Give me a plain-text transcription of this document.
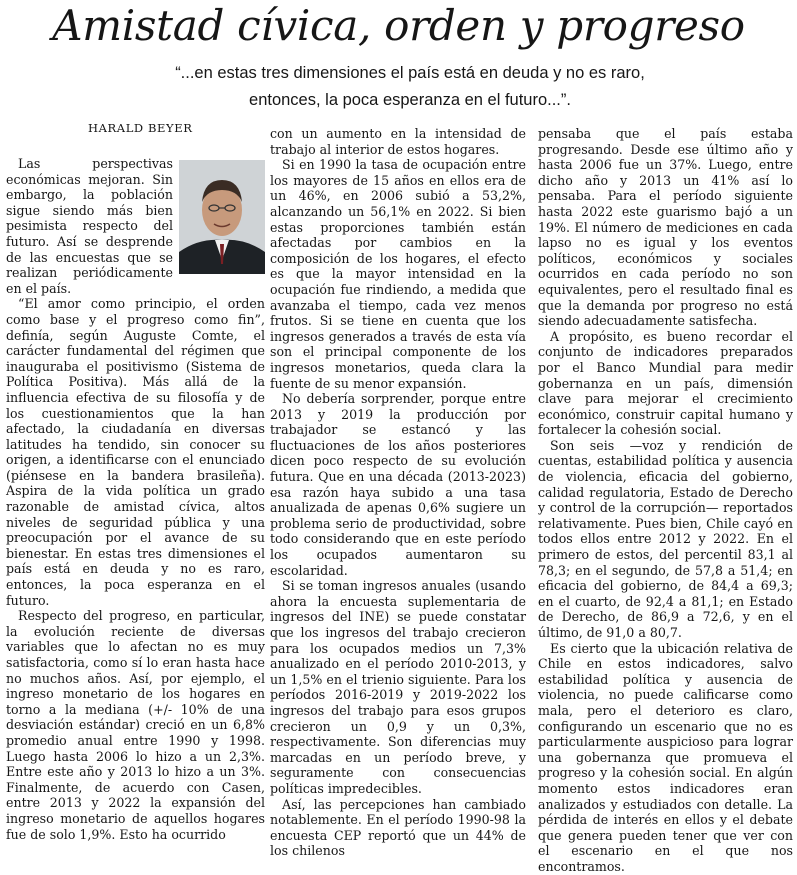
Amistad cívica, orden y progreso
“...en estas tres dimensiones el país está en deuda y no es raro, entonces, la poca esperanza en el futuro...”.
HARALD BEYER

Las perspectivas económicas mejoran. Sin embargo, la población sigue siendo más bien pesimista respecto del futuro. Así se desprende de las encuestas que se realizan periódicamente en el país.

“El amor como principio, el orden como base y el progreso como fin”, definía, según Auguste Comte, el carácter fundamental del régimen que inauguraba el positivismo (Sistema de Política Positiva). Más allá de la influencia efectiva de su filosofía y de los cuestionamientos que la han afectado, la ciudadanía en diversas latitudes ha tendido, sin conocer su origen, a identificarse con el enunciado (piénsese en la bandera brasileña). Aspira de la vida política un grado razonable de amistad cívica, altos niveles de seguridad pública y una preocupación por el avance de su bienestar. En estas tres dimensiones el país está en deuda y no es raro, entonces, la poca esperanza en el futuro.

Respecto del progreso, en particular, la evolución reciente de diversas variables que lo afectan no es muy satisfactoria, como sí lo eran hasta hace no muchos años. Así, por ejemplo, el ingreso monetario de los hogares en torno a la mediana (+/- 10% de una desviación estándar) creció en un 6,8% promedio anual entre 1990 y 1998. Luego hasta 2006 lo hizo a un 2,3%. Entre este año y 2013 lo hizo a un 3%. Finalmente, de acuerdo con Casen, entre 2013 y 2022 la expansión del ingreso monetario de aquellos hogares fue de solo 1,9%. Esto ha ocurrido

con un aumento en la intensidad de trabajo al interior de estos hogares.

Si en 1990 la tasa de ocupación entre los mayores de 15 años en ellos era de un 46%, en 2006 subió a 53,2%, alcanzando un 56,1% en 2022. Si bien estas proporciones también están afectadas por cambios en la composición de los hogares, el efecto es que la mayor intensidad en la ocupación fue rindiendo, a medida que avanzaba el tiempo, cada vez menos frutos. Si se tiene en cuenta que los ingresos generados a través de esta vía son el principal componente de los ingresos monetarios, queda clara la fuente de su menor expansión.

No debería sorprender, porque entre 2013 y 2019 la producción por trabajador se estancó y las fluctuaciones de los años posteriores dicen poco respecto de su evolución futura. Que en una década (2013-2023) esa razón haya subido a una tasa anualizada de apenas 0,6% sugiere un problema serio de productividad, sobre todo considerando que en este período los ocupados aumentaron su escolaridad.

Si se toman ingresos anuales (usando ahora la encuesta suplementaria de ingresos del INE) se puede constatar que los ingresos del trabajo crecieron para los ocupados medios un 7,3% anualizado en el período 2010-2013, y un 1,5% en el trienio siguiente. Para los períodos 2016-2019 y 2019-2022 los ingresos del trabajo para esos grupos crecieron un 0,9 y un 0,3%, respectivamente. Son diferencias muy marcadas en un período breve, y seguramente con consecuencias políticas impredecibles.

Así, las percepciones han cambiado notablemente. En el período 1990-98 la encuesta CEP reportó que un 44% de los chilenos

pensaba que el país estaba progresando. Desde ese último año y hasta 2006 fue un 37%. Luego, entre dicho año y 2013 un 41% así lo pensaba. Para el período siguiente hasta 2022 este guarismo bajó a un 19%. El número de mediciones en cada lapso no es igual y los eventos políticos, económicos y sociales ocurridos en cada período no son equivalentes, pero el resultado final es que la demanda por progreso no está siendo adecuadamente satisfecha.

A propósito, es bueno recordar el conjunto de indicadores preparados por el Banco Mundial para medir gobernanza en un país, dimensión clave para mejorar el crecimiento económico, construir capital humano y fortalecer la cohesión social.

Son seis —voz y rendición de cuentas, estabilidad política y ausencia de violencia, eficacia del gobierno, calidad regulatoria, Estado de Derecho y control de la corrupción— reportados relativamente. Pues bien, Chile cayó en todos ellos entre 2012 y 2022. En el primero de estos, del percentil 83,1 al 78,3; en el segundo, de 57,8 a 51,4; en eficacia del gobierno, de 84,4 a 69,3; en el cuarto, de 92,4 a 81,1; en Estado de Derecho, de 86,9 a 72,6, y en el último, de 91,0 a 80,7.

Es cierto que la ubicación relativa de Chile en estos indicadores, salvo estabilidad política y ausencia de violencia, no puede calificarse como mala, pero el deterioro es claro, configurando un escenario que no es particularmente auspicioso para lograr una gobernanza que promueva el progreso y la cohesión social. En algún momento estos indicadores eran analizados y estudiados con detalle. La pérdida de interés en ellos y el debate que genera pueden tener que ver con el escenario en el que nos encontramos.
